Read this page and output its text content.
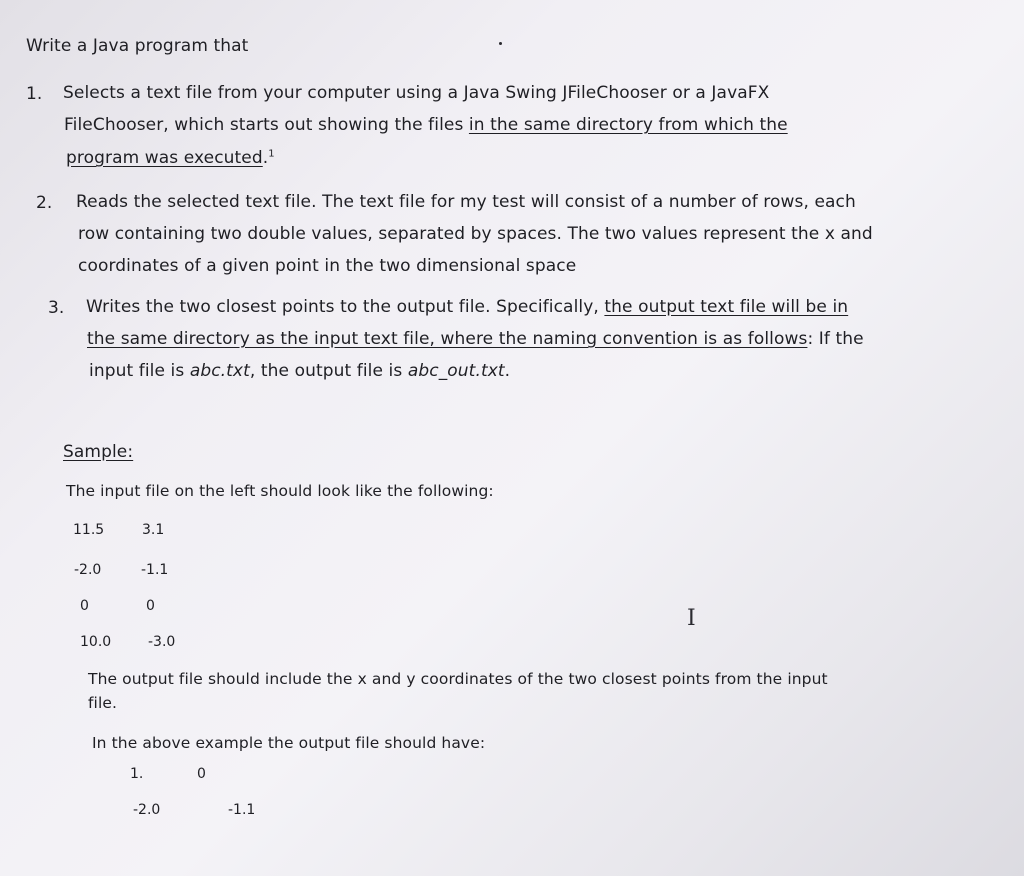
Write a Java program that
1. Selects a text file from your computer using a Java Swing JFileChooser or a JavaFX
FileChooser, which starts out showing the files in the same directory from which the
program was executed.$^1$
2. Reads the selected text file. The text file for my test will consist of a number of rows, each
row containing two double values, separated by spaces. The two values represent the x and
coordinates of a given point in the two dimensional space
3. Writes the two closest points to the output file. Specifically, the output text file will be in
the same directory as the input text file, where the naming convention is as follows: If the
input file is abc.txt, the output file is abc_out.txt.
Sample:
The input file on the left should look like the following:
11.5	3.1
-2.0	-1.1
0	0
10.0	-3.0
I
The output file should include the x and y coordinates of the two closest points from the input
file.
In the above example the output file should have:
1.	0
-2.0	-1.1
